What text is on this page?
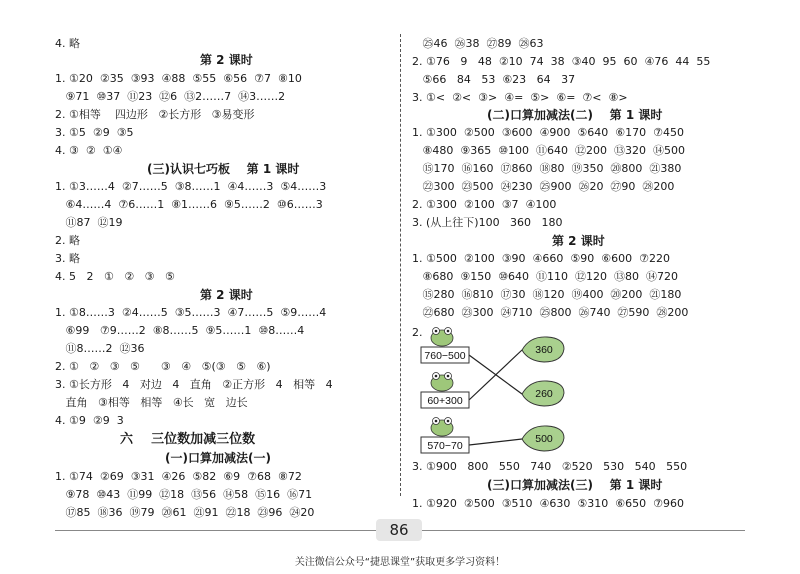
4. 略
第 2 课时
1. ①20  ②35  ③93  ④88  ⑤55  ⑥56  ⑦7  ⑧10
⑨71  ⑩37  ⑪23  ⑫6  ⑬2……7  ⑭3……2
2. ①相等    四边形   ②长方形   ③易变形
3. ①5  ②9  ③5
4. ③  ②  ①④
(三)认识七巧板    第 1 课时
1. ①3……4  ②7……5  ③8……1  ④4……3  ⑤4……3
⑥4……4  ⑦6……1  ⑧1……6  ⑨5……2  ⑩6……3
⑪87  ⑫19
2. 略
3. 略
4. 5   2   ①   ②   ③   ⑤
第 2 课时
1. ①8……3  ②4……5  ③5……3  ④7……5  ⑤9……4
⑥99   ⑦9……2  ⑧8……5  ⑨5……1  ⑩8……4
⑪8……2  ⑫36
2. ①   ②   ③   ⑤      ③   ④   ⑤(③   ⑤   ⑥)
3. ①长方形   4   对边   4   直角   ②正方形   4   相等   4
直角   ③相等   相等   ④长   宽   边长
4. ①9  ②9  3
六    三位数加减三位数
(一)口算加减法(一)
1. ①74  ②69  ③31  ④26  ⑤82  ⑥9  ⑦68  ⑧72
⑨78  ⑩43  ⑪99  ⑫18  ⑬56  ⑭58  ⑮16  ⑯71
⑰85  ⑱36  ⑲79  ⑳61  ㉑91  ㉒18  ㉓96  ㉔20
㉕46  ㉖38  ㉗89  ㉘63
2. ①76   9   48  ②10  74  38  ③40  95  60  ④76  44  55
⑤66   84   53  ⑥23   64   37
3. ①<  ②<  ③>  ④=  ⑤>  ⑥=  ⑦<  ⑧>
(二)口算加减法(二)    第 1 课时
1. ①300  ②500  ③600  ④900  ⑤640  ⑥170  ⑦450
⑧480  ⑨365  ⑩100  ⑪640  ⑫200  ⑬320  ⑭500
⑮170  ⑯160  ⑰860  ⑱80  ⑲350  ⑳800  ㉑380
㉒300  ㉓500  ㉔230  ㉕900  ㉖20  ㉗90  ㉘200
2. ①300  ②100  ③7  ④100
3. (从上往下)100   360   180
第 2 课时
1. ①500  ②100  ③90  ④660  ⑤90  ⑥600  ⑦220
⑧680  ⑨150  ⑩640  ⑪110  ⑫120  ⑬80  ⑭720
⑮280  ⑯810  ⑰30  ⑱120  ⑲400  ⑳200  ㉑180
㉒680  ㉓300  ㉔710  ㉕800  ㉖740  ㉗590  ㉘200
2.
760−500
60+300
570−70
360
260
500
3. ①900   800   550   740   ②520   530   540   550
(三)口算加减法(三)    第 1 课时
1. ①920  ②500  ③510  ④630  ⑤310  ⑥650  ⑦960
86
关注微信公众号“捷思课堂”获取更多学习资料！
